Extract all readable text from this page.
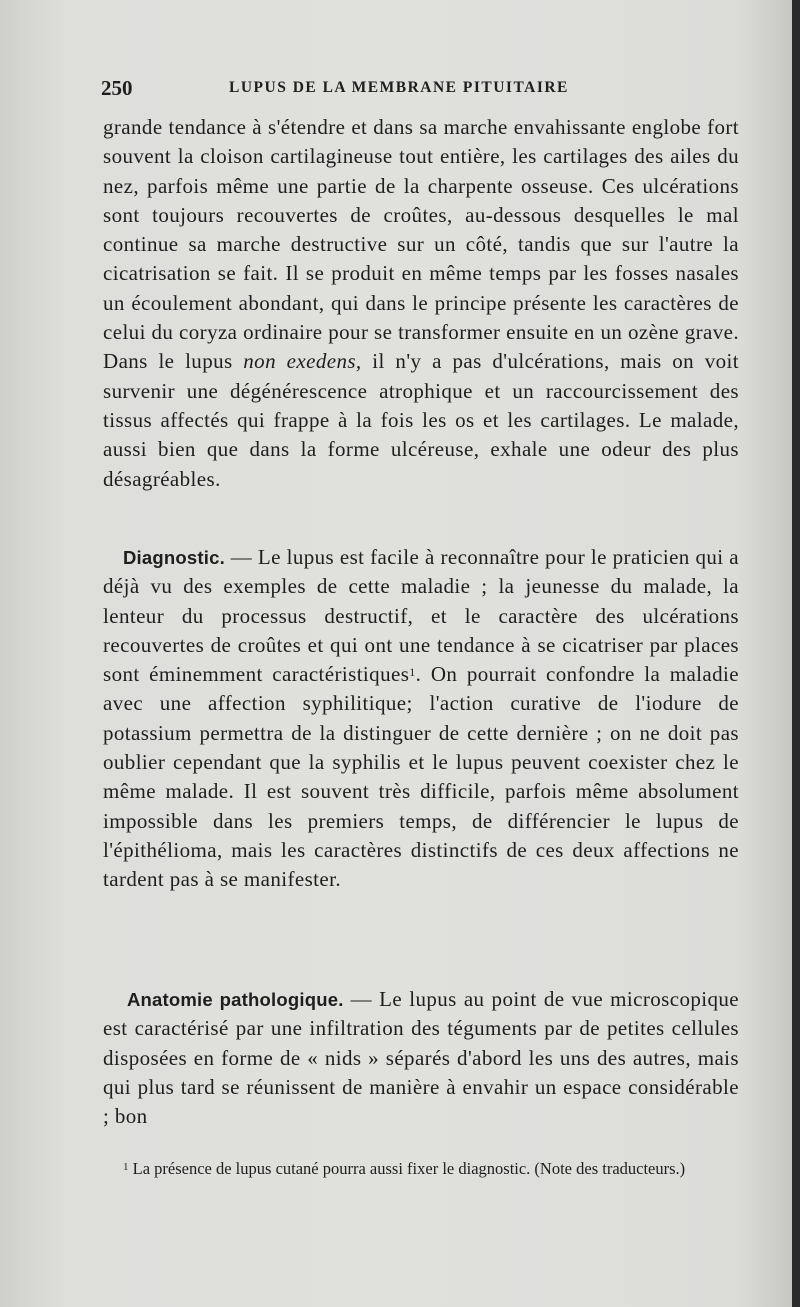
250	LUPUS DE LA MEMBRANE PITUITAIRE

grande tendance à s'étendre et dans sa marche envahissante englobe fort souvent la cloison cartilagineuse tout entière, les cartilages des ailes du nez, parfois même une partie de la charpente osseuse. Ces ulcérations sont toujours recouvertes de croûtes, au-dessous desquelles le mal continue sa marche destructive sur un côté, tandis que sur l'autre la cicatrisation se fait. Il se produit en même temps par les fosses nasales un écoulement abondant, qui dans le principe présente les caractères de celui du coryza ordinaire pour se transformer ensuite en un ozène grave. Dans le lupus non exedens, il n'y a pas d'ulcérations, mais on voit survenir une dégénérescence atrophique et un raccourcissement des tissus affectés qui frappe à la fois les os et les cartilages. Le malade, aussi bien que dans la forme ulcéreuse, exhale une odeur des plus désagréables.

Diagnostic. — Le lupus est facile à reconnaître pour le praticien qui a déjà vu des exemples de cette maladie ; la jeunesse du malade, la lenteur du processus destructif, et le caractère des ulcérations recouvertes de croûtes et qui ont une tendance à se cicatriser par places sont éminemment caractéristiques$^1$. On pourrait confondre la maladie avec une affection syphilitique; l'action curative de l'iodure de potassium permettra de la distinguer de cette dernière ; on ne doit pas oublier cependant que la syphilis et le lupus peuvent coexister chez le même malade. Il est souvent très difficile, parfois même absolument impossible dans les premiers temps, de différencier le lupus de l'épithélioma, mais les caractères distinctifs de ces deux affections ne tardent pas à se manifester.

Anatomie pathologique. — Le lupus au point de vue microscopique est caractérisé par une infiltration des téguments par de petites cellules disposées en forme de « nids » séparés d'abord les uns des autres, mais qui plus tard se réunissent de manière à envahir un espace considérable ; bon

$^1$ La présence de lupus cutané pourra aussi fixer le diagnostic. (Note des traducteurs.)
